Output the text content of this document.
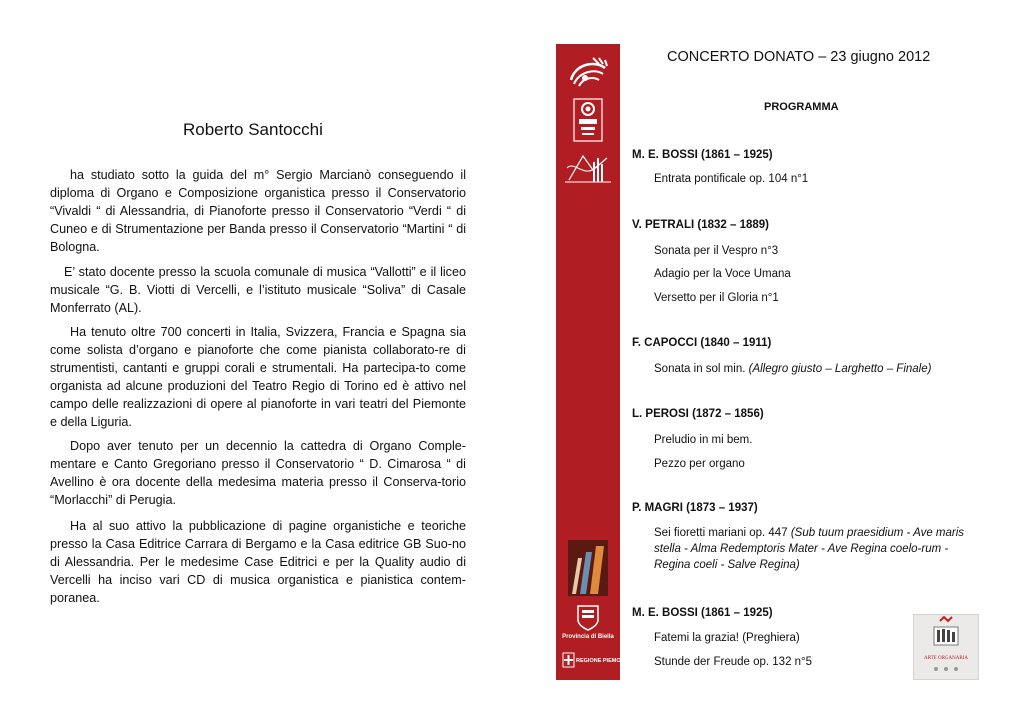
Roberto Santocchi

ha studiato sotto la guida del m° Sergio Marcianò conseguendo il diploma di Organo e Composizione organistica presso il Conservatorio “Vivaldi “ di Alessandria, di Pianoforte presso il Conservatorio “Verdi “ di Cuneo e di Strumentazione per Banda presso il Conservatorio “Martini “ di Bologna.

E’ stato docente presso la scuola comunale di musica “Vallotti” e il liceo musicale “G. B. Viotti di Vercelli, e l’istituto musicale “Soliva” di Casale Monferrato (AL).

Ha tenuto oltre 700 concerti in Italia, Svizzera, Francia e Spagna sia come solista d’organo e pianoforte che come pianista collaborato-re di strumentisti, cantanti e gruppi corali e strumentali. Ha partecipa-to come organista ad alcune produzioni del Teatro Regio di Torino ed è attivo nel campo delle realizzazioni di opere al pianoforte in vari teatri del Piemonte e della Liguria.

Dopo aver tenuto per un decennio la cattedra di Organo Comple-mentare e Canto Gregoriano presso il Conservatorio “ D. Cimarosa “ di Avellino è ora docente della medesima materia presso il Conserva-torio “Morlacchi” di Perugia.

Ha al suo attivo la pubblicazione di pagine organistiche e teoriche presso la Casa Editrice Carrara di Bergamo e la Casa editrice GB Suo-no di Alessandria. Per le medesime Case Editrici e per la Quality audio di Vercelli ha inciso vari CD di musica organistica e pianistica contem-poranea.

Provincia di Biella
REGIONE PIEMONTE
CONCERTO DONATO – 23 giugno 2012
PROGRAMMA
M. E. BOSSI (1861 – 1925)
Entrata pontificale op. 104 n°1
V. PETRALI (1832 – 1889)
Sonata per il Vespro n°3
Adagio per la Voce Umana
Versetto per il Gloria n°1
F. CAPOCCI (1840 – 1911)
Sonata in sol min. (Allegro giusto – Larghetto – Finale)
L. PEROSI (1872 – 1856)
Preludio in mi bem.
Pezzo per organo
P. MAGRI (1873 – 1937)
Sei fioretti mariani op. 447 (Sub tuum praesidium - Ave maris stella - Alma Redemptoris Mater - Ave Regina coelo-rum - Regina coeli - Salve Regina)
M. E. BOSSI (1861 – 1925)
Fatemi la grazia! (Preghiera)
Stunde der Freude op. 132 n°5	ARTE ORGANARIA
